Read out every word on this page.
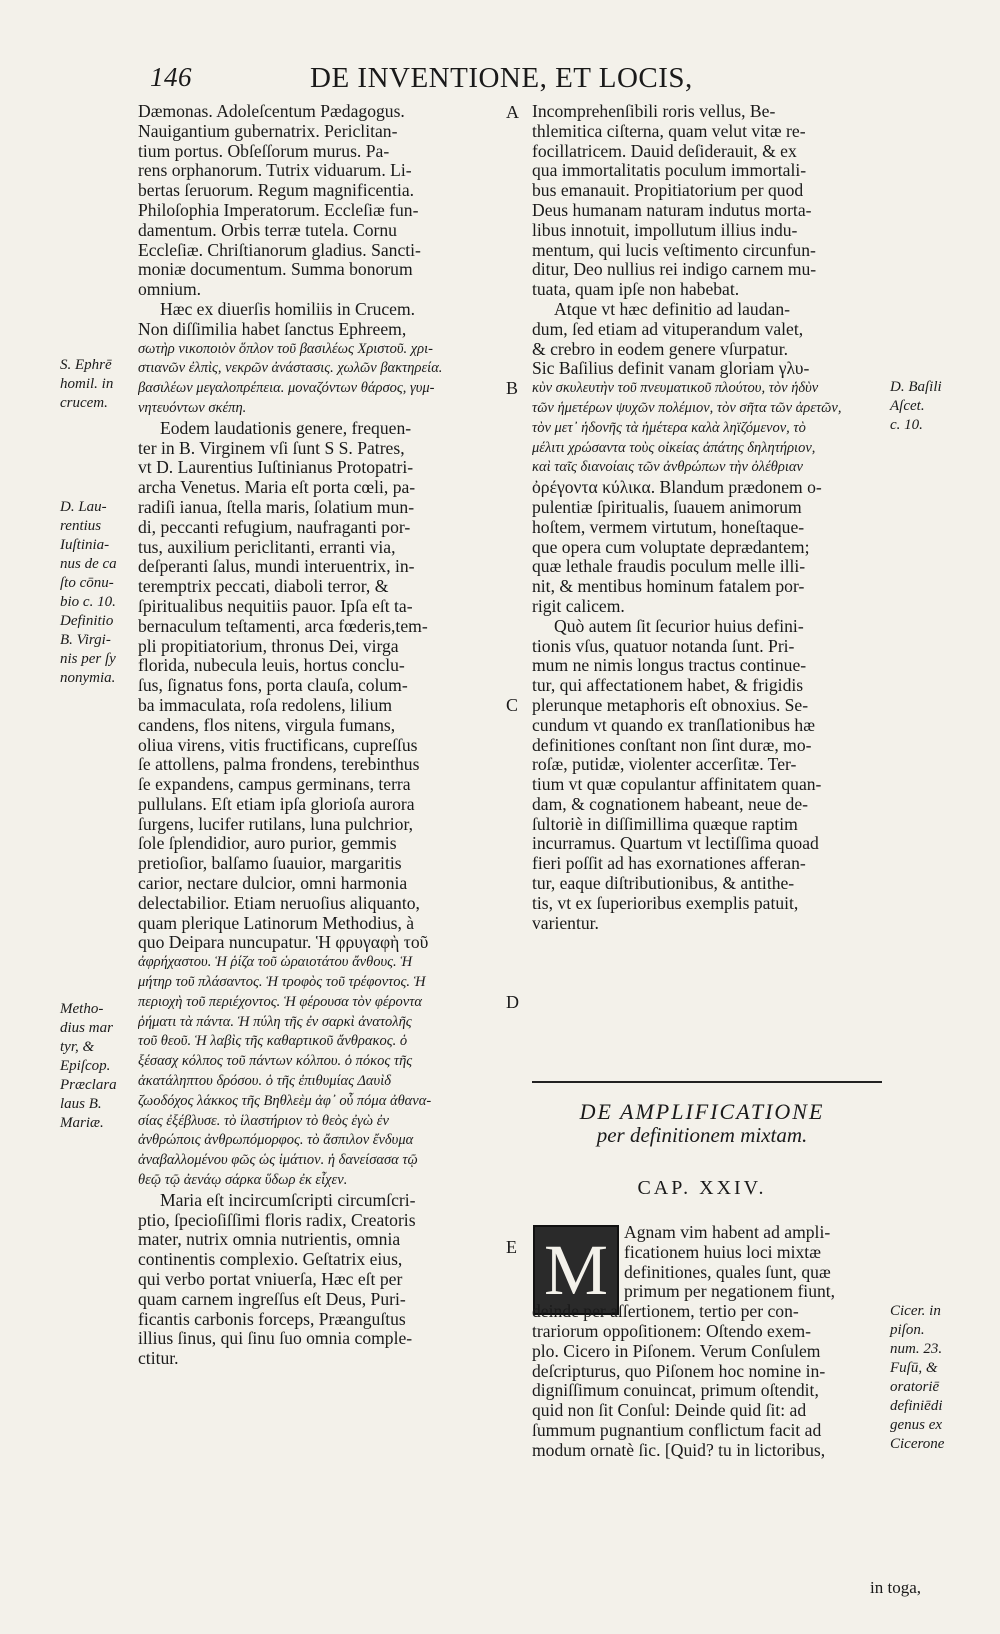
146	DE INVENTIONE, ET LOCIS,
Dæmonas. Adoleſcentum Pædagogus.
Nauigantium gubernatrix. Periclitan-
tium portus. Obſeſſorum murus. Pa-
rens orphanorum. Tutrix viduarum. Li-
bertas ſeruorum. Regum magnificentia.
Philoſophia Imperatorum. Eccleſiæ fun-
damentum. Orbis terræ tutela. Cornu
Eccleſiæ. Chriſtianorum gladius. Sancti-
moniæ documentum. Summa bonorum
omnium.
Hæc ex diuerſis homiliis in Crucem.
Non diſſimilia habet ſanctus Ephreem,
σωτὴρ νικοποιὸν ὅπλον τοῦ βασιλέως Χριστοῦ. χρι-
στιανῶν ἐλπὶς, νεκρῶν ἀνάστασις. χωλῶν βακτηρεία.
βασιλέων μεγαλοπρέπεια. μοναζόντων θάρσος, γυμ-
νητευόντων σκέπη.
Eodem laudationis genere, frequen-
ter in B. Virginem vſi ſunt S S. Patres,
vt D. Laurentius Iuſtinianus Protopatri-
archa Venetus. Maria eſt porta cœli, pa-
radiſi ianua, ſtella maris, ſolatium mun-
di, peccanti refugium, naufraganti por-
tus, auxilium periclitanti, erranti via,
deſperanti ſalus, mundi interuentrix, in-
teremptrix peccati, diaboli terror, &
ſpiritualibus nequitiis pauor. Ipſa eſt ta-
bernaculum teſtamenti, arca fœderis,tem-
pli propitiatorium, thronus Dei, virga
florida, nubecula leuis, hortus conclu-
ſus, ſignatus fons, porta clauſa, colum-
ba immaculata, roſa redolens, lilium
candens, flos nitens, virgula fumans,
oliua virens, vitis fructificans, cupreſſus
ſe attollens, palma frondens, terebinthus
ſe expandens, campus germinans, terra
pullulans. Eſt etiam ipſa glorioſa aurora
ſurgens, lucifer rutilans, luna pulchrior,
ſole ſplendidior, auro purior, gemmis
pretioſior, balſamo ſuauior, margaritis
carior, nectare dulcior, omni harmonia
delectabilior. Etiam neruoſius aliquanto,
quam plerique Latinorum Methodius, à
quo Deipara nuncupatur. Ἡ φρυγαφὴ τοῦ
ἀφρήχαστου. Ἡ ῥίζα τοῦ ὡραιοτάτου ἄνθους. Ἡ
μήτηρ τοῦ πλάσαντος. Ἡ τροφὸς τοῦ τρέφοντος. Ἡ
περιοχὴ τοῦ περιέχοντος. Ἡ φέρουσα τὸν φέροντα
ῥήματι τὰ πάντα. Ἡ πύλη τῆς ἐν σαρκὶ ἀνατολῆς
τοῦ θεοῦ. Ἡ λαβὶς τῆς καθαρτικοῦ ἄνθρακος. ὁ
ξέσασχ κόλπος τοῦ πάντων κόλπου. ὁ πόκος τῆς
ἀκατάληπτου δρόσου. ὁ τῆς ἐπιθυμίας Δαυὶδ
ζωοδόχος λάκκος τῆς Βηθλεὲμ ἀφ᾽ οὗ πόμα ἀθανα-
σίας ἐξέβλυσε. τὸ ἱλαστήριον τὸ θεὸς ἐγὼ ἐν
ἀνθρώποις ἀνθρωπόμορφος. τὸ ἄσπιλον ἔνδυμα
ἀναβαλλομένου φῶς ὡς ἱμάτιον. ἡ δανείσασα τῷ
θεῷ τῷ ἀενάῳ σάρκα ὕδωρ ἐκ εἶχεν.
Maria eſt incircumſcripti circumſcri-
ptio, ſpecioſiſſimi floris radix, Creatoris
mater, nutrix omnia nutrientis, omnia
continentis complexio. Geſtatrix eius,
qui verbo portat vniuerſa, Hæc eſt per
quam carnem ingreſſus eſt Deus, Puri-
ficantis carbonis forceps, Præanguſtus
illius ſinus, qui ſinu ſuo omnia comple-
ctitur.
Incomprehenſibili roris vellus, Be-
thlemitica ciſterna, quam velut vitæ re-
focillatricem. Dauid deſiderauit, & ex
qua immortalitatis poculum immortali-
bus emanauit. Propitiatorium per quod
Deus humanam naturam indutus morta-
libus innotuit, impollutum illius indu-
mentum, qui lucis veſtimento circunfun-
ditur, Deo nullius rei indigo carnem mu-
tuata, quam ipſe non habebat.
Atque vt hæc definitio ad laudan-
dum, ſed etiam ad vituperandum valet,
& crebro in eodem genere vſurpatur.
Sic Baſilius definit vanam gloriam γλυ-
κὺν σκυλευτὴν τοῦ πνευματικοῦ πλούτου, τὸν ἡδὺν
τῶν ἡμετέρων ψυχῶν πολέμιον, τὸν σῆτα τῶν ἀρετῶν,
τὸν μετ᾽ ἡδονῆς τὰ ἡμέτερα καλὰ ληϊζόμενον, τὸ
μέλιτι χρώσαντα τοὺς οἰκείας ἀπάτης δηλητήριον,
καὶ ταῖς διανοίαις τῶν ἀνθρώπων τὴν ὀλέθριαν
ὀρέγοντα κύλικα. Blandum prædonem o-
pulentiæ ſpiritualis, ſuauem animorum
hoſtem, vermem virtutum, honeſtaque-
que opera cum voluptate deprædantem;
quæ lethale fraudis poculum melle illi-
nit, & mentibus hominum fatalem por-
rigit calicem.
Quò autem ſit ſecurior huius defini-
tionis vſus, quatuor notanda ſunt. Pri-
mum ne nimis longus tractus continue-
tur, qui affectationem habet, & frigidis
plerunque metaphoris eſt obnoxius. Se-
cundum vt quando ex tranſlationibus hæ
definitiones conſtant non ſint duræ, mo-
roſæ, putidæ, violenter accerſitæ. Ter-
tium vt quæ copulantur affinitatem quan-
dam, & cognationem habeant, neue de-
ſultoriè in diſſimillima quæque raptim
incurramus. Quartum vt lectiſſima quoad
fieri poſſit ad has exornationes afferan-
tur, eaque diſtributionibus, & antithe-
tis, vt ex ſuperioribus exemplis patuit,
varientur.
DE AMPLIFICATIONE
per definitionem mixtam.
CAP. XXIV.
M Agnam vim habent ad ampli-
ficationem huius loci mixtæ
definitiones, quales ſunt, quæ
primum per negationem fiunt,
deinde per aſſertionem, tertio per con-
trariorum oppoſitionem: Oſtendo exem-
plo. Cicero in Piſonem. Verum Conſulem
deſcripturus, quo Piſonem hoc nomine in-
digniſſimum conuincat, primum oſtendit,
quid non ſit Conſul: Deinde quid ſit: ad
ſummum pugnantium conflictum facit ad
modum ornatè ſic. [Quid? tu in lictoribus,
in toga,
A
B
C
D
E
S. Ephrē
homil. in
crucem.
D. Lau-
rentius
Iuſtinia-
nus de ca
ſto cōnu-
bio c. 10.
Definitio
B. Virgi-
nis per ſy
nonymia.
Metho-
dius mar
tyr, &
Epiſcop.
Præclara
laus B.
Mariæ.
D. Baſili
Aſcet.
c. 10.
Cicer. in
piſon.
num. 23.
Fuſū, &
oratoriē
definiēdi
genus ex
Cicerone
